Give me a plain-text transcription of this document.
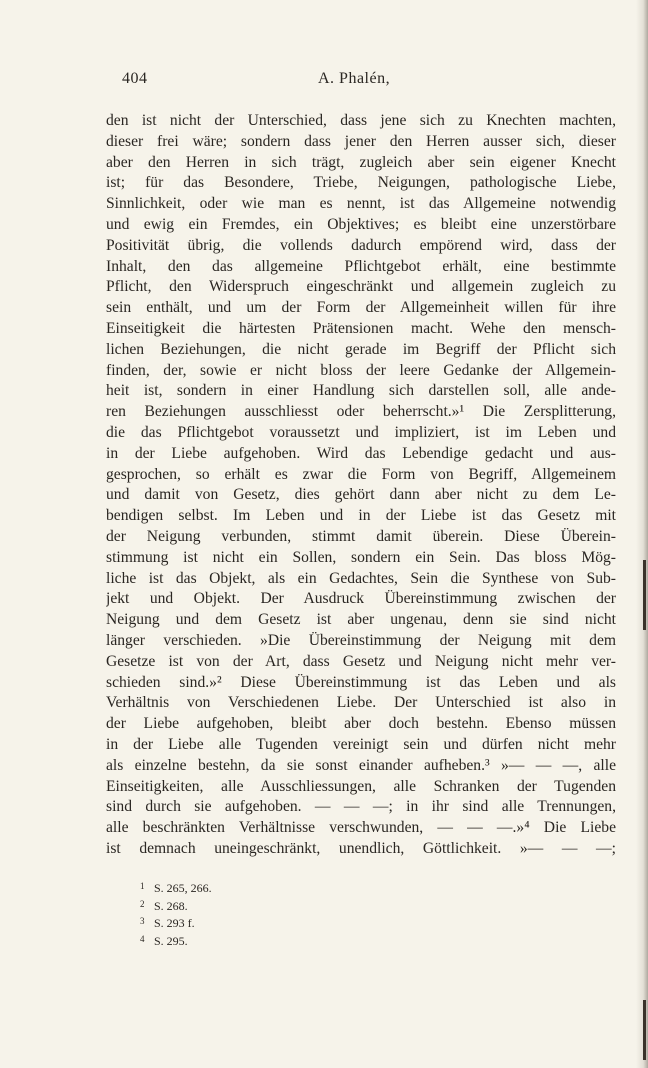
404	A. Phalén,
den ist nicht der Unterschied, dass jene sich zu Knechten machten,
dieser frei wäre; sondern dass jener den Herren ausser sich, dieser
aber den Herren in sich trägt, zugleich aber sein eigener Knecht
ist; für das Besondere, Triebe, Neigungen, pathologische Liebe,
Sinnlichkeit, oder wie man es nennt, ist das Allgemeine notwendig
und ewig ein Fremdes, ein Objektives; es bleibt eine unzerstörbare
Positivität übrig, die vollends dadurch empörend wird, dass der
Inhalt, den das allgemeine Pflichtgebot erhält, eine bestimmte
Pflicht, den Widerspruch eingeschränkt und allgemein zugleich zu
sein enthält, und um der Form der Allgemeinheit willen für ihre
Einseitigkeit die härtesten Prätensionen macht. Wehe den mensch-
lichen Beziehungen, die nicht gerade im Begriff der Pflicht sich
finden, der, sowie er nicht bloss der leere Gedanke der Allgemein-
heit ist, sondern in einer Handlung sich darstellen soll, alle ande-
ren Beziehungen ausschliesst oder beherrscht.»¹ Die Zersplitterung,
die das Pflichtgebot voraussetzt und impliziert, ist im Leben und
in der Liebe aufgehoben. Wird das Lebendige gedacht und aus-
gesprochen, so erhält es zwar die Form von Begriff, Allgemeinem
und damit von Gesetz, dies gehört dann aber nicht zu dem Le-
bendigen selbst. Im Leben und in der Liebe ist das Gesetz mit
der Neigung verbunden, stimmt damit überein. Diese Überein-
stimmung ist nicht ein Sollen, sondern ein Sein. Das bloss Mög-
liche ist das Objekt, als ein Gedachtes, Sein die Synthese von Sub-
jekt und Objekt. Der Ausdruck Übereinstimmung zwischen der
Neigung und dem Gesetz ist aber ungenau, denn sie sind nicht
länger verschieden. »Die Übereinstimmung der Neigung mit dem
Gesetze ist von der Art, dass Gesetz und Neigung nicht mehr ver-
schieden sind.»² Diese Übereinstimmung ist das Leben und als
Verhältnis von Verschiedenen Liebe. Der Unterschied ist also in
der Liebe aufgehoben, bleibt aber doch bestehn. Ebenso müssen
in der Liebe alle Tugenden vereinigt sein und dürfen nicht mehr
als einzelne bestehn, da sie sonst einander aufheben.³ »— — —, alle
Einseitigkeiten, alle Ausschliessungen, alle Schranken der Tugenden
sind durch sie aufgehoben. — — —; in ihr sind alle Trennungen,
alle beschränkten Verhältnisse verschwunden, — — —.»⁴ Die Liebe
ist demnach uneingeschränkt, unendlich, Göttlichkeit. »— — —;
1 S. 265, 266.
2 S. 268.
3 S. 293 f.
4 S. 295.
